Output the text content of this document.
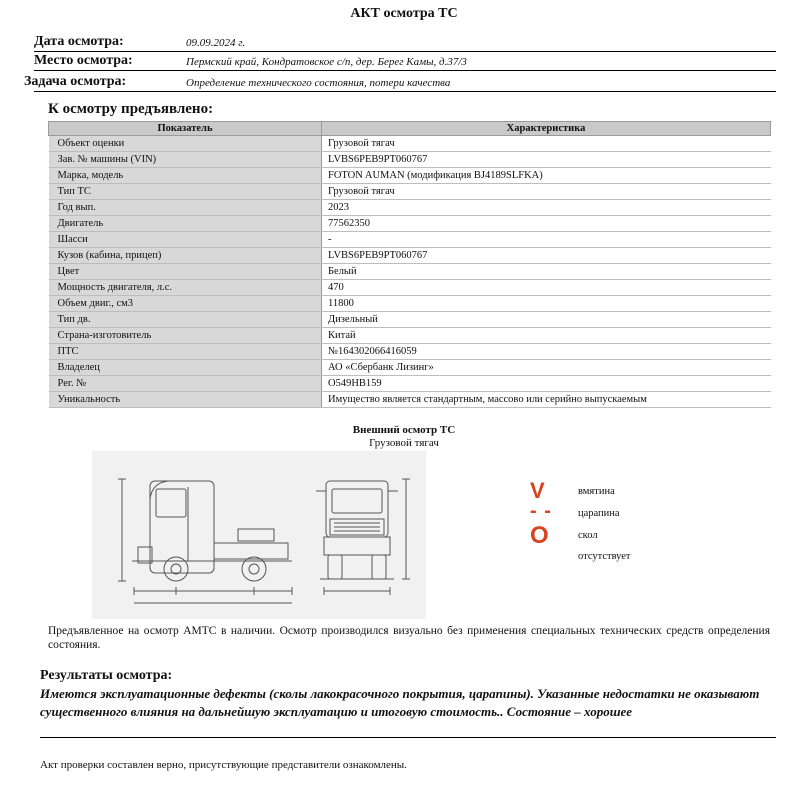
АКТ осмотра ТС
Дата осмотра:	09.09.2024 г.
Место осмотра:	Пермский край, Кондратовское с/п, дер. Берег Камы, д.37/3
Задача осмотра:	Определение технического состояния, потери качества
К осмотру предъявлено:
Показатель	Характеристика
Объект оценки	Грузовой тягач
Зав. № машины (VIN)	LVBS6PEB9PT060767
Марка, модель	FOTON AUMAN (модификация BJ4189SLFKA)
Тип ТС	Грузовой тягач
Год вып.	2023
Двигатель	77562350
Шасси	-
Кузов (кабина, прицеп)	LVBS6PEB9PT060767
Цвет	Белый
Мощность двигателя, л.с.	470
Объем двиг., см3	11800
Тип дв.	Дизельный
Страна-изготовитель	Китай
ПТС	№164302066416059
Владелец	АО «Сбербанк Лизинг»
Рег. №	О549НВ159
Уникальность	Имущество является стандартным, массово или серийно выпускаемым
Внешний осмотр ТС
Грузовой тягач
V	вмятина
- - царапина
O	скол
отсутствует
Предъявленное на осмотр АМТС в наличии. Осмотр производился визуально без применения специальных технических средств определения состояния.
Результаты осмотра:
Имеются эксплуатационные дефекты (сколы лакокрасочного покрытия, царапины). Указанные недостатки не оказывают существенного влияния на дальнейшую эксплуатацию и итоговую стоимость.. Состояние – хорошее
Акт проверки составлен верно, присутствующие представители ознакомлены.
